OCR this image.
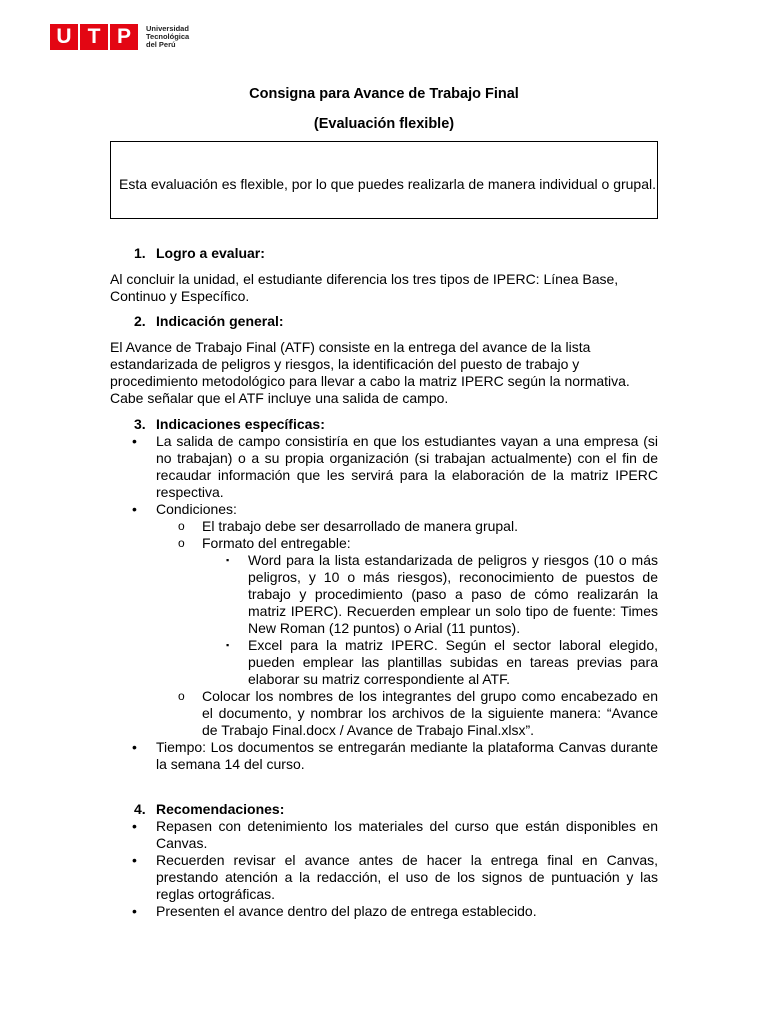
U T P	Universidad
Tecnológica
del Perú
Consigna para Avance de Trabajo Final
(Evaluación flexible)
Esta evaluación es flexible, por lo que puedes realizarla de manera individual o grupal.
1. Logro a evaluar:

Al concluir la unidad, el estudiante diferencia los tres tipos de IPERC: Línea Base, Continuo y Específico.

2. Indicación general:

El Avance de Trabajo Final (ATF) consiste en la entrega del avance de la lista estandarizada de peligros y riesgos, la identificación del puesto de trabajo y procedimiento metodológico para llevar a cabo la matriz IPERC según la normativa. Cabe señalar que el ATF incluye una salida de campo.

3. Indicaciones específicas:
•	La salida de campo consistiría en que los estudiantes vayan a una empresa (si no trabajan) o a su propia organización (si trabajan actualmente) con el fin de recaudar información que les servirá para la elaboración de la matriz IPERC respectiva.
•	Condiciones:
o	El trabajo debe ser desarrollado de manera grupal.
o	Formato del entregable:
▪	Word para la lista estandarizada de peligros y riesgos (10 o más peligros, y 10 o más riesgos), reconocimiento de puestos de trabajo y procedimiento (paso a paso de cómo realizarán la matriz IPERC). Recuerden emplear un solo tipo de fuente: Times New Roman (12 puntos) o Arial (11 puntos).
▪	Excel para la matriz IPERC. Según el sector laboral elegido, pueden emplear las plantillas subidas en tareas previas para elaborar su matriz correspondiente al ATF.
o	Colocar los nombres de los integrantes del grupo como encabezado en el documento, y nombrar los archivos de la siguiente manera: “Avance de Trabajo Final.docx / Avance de Trabajo Final.xlsx”.
•	Tiempo: Los documentos se entregarán mediante la plataforma Canvas durante la semana 14 del curso.
4. Recomendaciones:
•	Repasen con detenimiento los materiales del curso que están disponibles en Canvas.
•	Recuerden revisar el avance antes de hacer la entrega final en Canvas, prestando atención a la redacción, el uso de los signos de puntuación y las reglas ortográficas.
•	Presenten el avance dentro del plazo de entrega establecido.
